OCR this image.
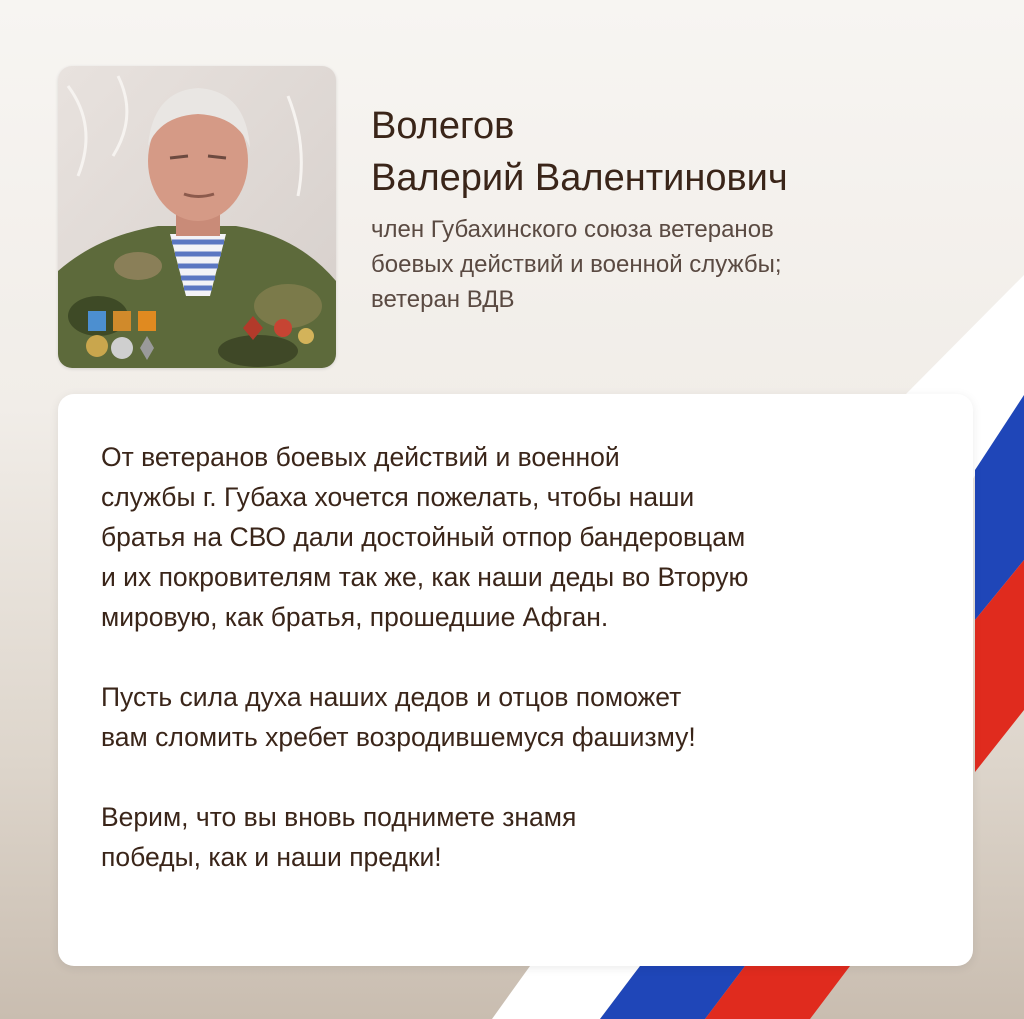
Волегов
Валерий Валентинович
член Губахинского союза ветеранов
боевых действий и военной службы;
ветеран ВДВ
От ветеранов боевых действий и военной
службы г. Губаха хочется пожелать, чтобы наши
братья на СВО дали достойный отпор бандеровцам
и их покровителям так же, как наши деды во Вторую
мировую, как братья, прошедшие Афган.
Пусть сила духа наших дедов и отцов поможет
вам сломить хребет возродившемуся фашизму!
Верим, что вы вновь поднимете знамя
победы, как и наши предки!
